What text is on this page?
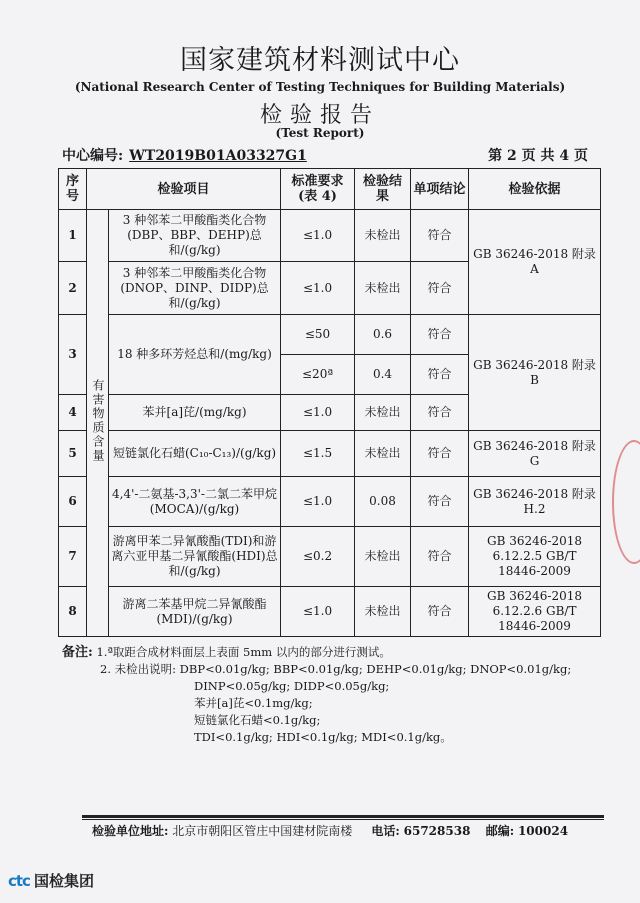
国家建筑材料测试中心
(National Research Center of Testing Techniques for Building Materials)
检验报告
(Test Report)
中心编号: WT2019B01A03327G1	第 2 页 共 4 页
序号	检验项目		标准要求(表 4)	检验结果	单项结论	检验依据
1	有害物质含量	3 种邻苯二甲酸酯类化合物(DBP、BBP、DEHP)总和/(g/kg)	≤1.0	未检出	符合	GB 36246-2018 附录 A
2		3 种邻苯二甲酸酯类化合物(DNOP、DINP、DIDP)总和/(g/kg)	≤1.0	未检出	符合	
3		18 种多环芳烃总和/(mg/kg)	≤50	0.6	符合	GB 36246-2018 附录 B
			≤20ª	0.4	符合	
4		苯并[a]芘/(mg/kg)	≤1.0	未检出	符合	
5		短链氯化石蜡(C₁₀-C₁₃)/(g/kg)	≤1.5	未检出	符合	GB 36246-2018 附录 G
6		4,4'-二氨基-3,3'-二氯二苯甲烷(MOCA)/(g/kg)	≤1.0	0.08	符合	GB 36246-2018 附录 H.2
7		游离甲苯二异氰酸酯(TDI)和游离六亚甲基二异氰酸酯(HDI)总和/(g/kg)	≤0.2	未检出	符合	GB 36246-2018 6.12.2.5 GB/T 18446-2009
8		游离二苯基甲烷二异氰酸酯(MDI)/(g/kg)	≤1.0	未检出	符合	GB 36246-2018 6.12.2.6 GB/T 18446-2009
备注: 1.ª取距合成材料面层上表面 5mm 以内的部分进行测试。
2. 未检出说明: DBP<0.01g/kg; BBP<0.01g/kg; DEHP<0.01g/kg; DNOP<0.01g/kg;
DINP<0.05g/kg; DIDP<0.05g/kg;
苯并[a]芘<0.1mg/kg;
短链氯化石蜡<0.1g/kg;
TDI<0.1g/kg; HDI<0.1g/kg; MDI<0.1g/kg。
检验单位地址: 北京市朝阳区管庄中国建材院南楼 电话: 65728538 邮编: 100024
ctc 国检集团
